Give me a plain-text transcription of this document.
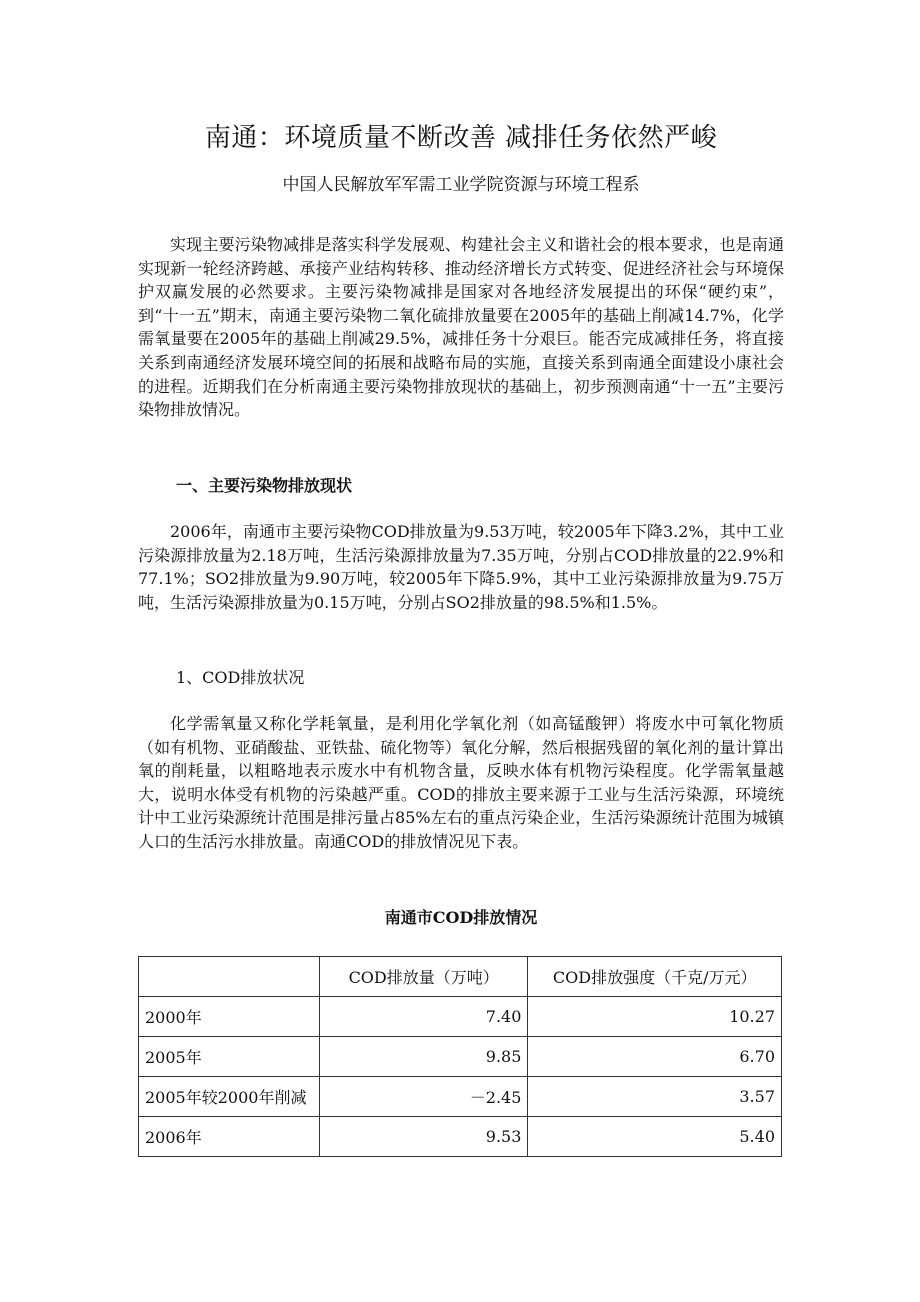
南通：环境质量不断改善 减排任务依然严峻
中国人民解放军军需工业学院资源与环境工程系

实现主要污染物减排是落实科学发展观、构建社会主义和谐社会的根本要求，也是南通实现新一轮经济跨越、承接产业结构转移、推动经济增长方式转变、促进经济社会与环境保护双赢发展的必然要求。主要污染物减排是国家对各地经济发展提出的环保“硬约束”，到“十一五”期末，南通主要污染物二氧化硫排放量要在2005年的基础上削减14.7%，化学需氧量要在2005年的基础上削减29.5%，减排任务十分艰巨。能否完成减排任务，将直接关系到南通经济发展环境空间的拓展和战略布局的实施，直接关系到南通全面建设小康社会的进程。近期我们在分析南通主要污染物排放现状的基础上，初步预测南通“十一五”主要污染物排放情况。

一、主要污染物排放现状

2006年，南通市主要污染物COD排放量为9.53万吨，较2005年下降3.2%，其中工业污染源排放量为2.18万吨，生活污染源排放量为7.35万吨，分别占COD排放量的22.9%和77.1%；SO2排放量为9.90万吨，较2005年下降5.9%，其中工业污染源排放量为9.75万吨，生活污染源排放量为0.15万吨，分别占SO2排放量的98.5%和1.5%。

1、COD排放状况

化学需氧量又称化学耗氧量，是利用化学氧化剂（如高锰酸钾）将废水中可氧化物质（如有机物、亚硝酸盐、亚铁盐、硫化物等）氧化分解，然后根据残留的氧化剂的量计算出氧的削耗量，以粗略地表示废水中有机物含量，反映水体有机物污染程度。化学需氧量越大，说明水体受有机物的污染越严重。COD的排放主要来源于工业与生活污染源，环境统计中工业污染源统计范围是排污量占85%左右的重点污染企业，生活污染源统计范围为城镇人口的生活污水排放量。南通COD的排放情况见下表。

南通市COD排放情况
	COD排放量（万吨）	COD排放强度（千克/万元）
2000年	7.40	10.27
2005年	9.85	6.70
2005年较2000年削减	－2.45	3.57
2006年	9.53	5.40
